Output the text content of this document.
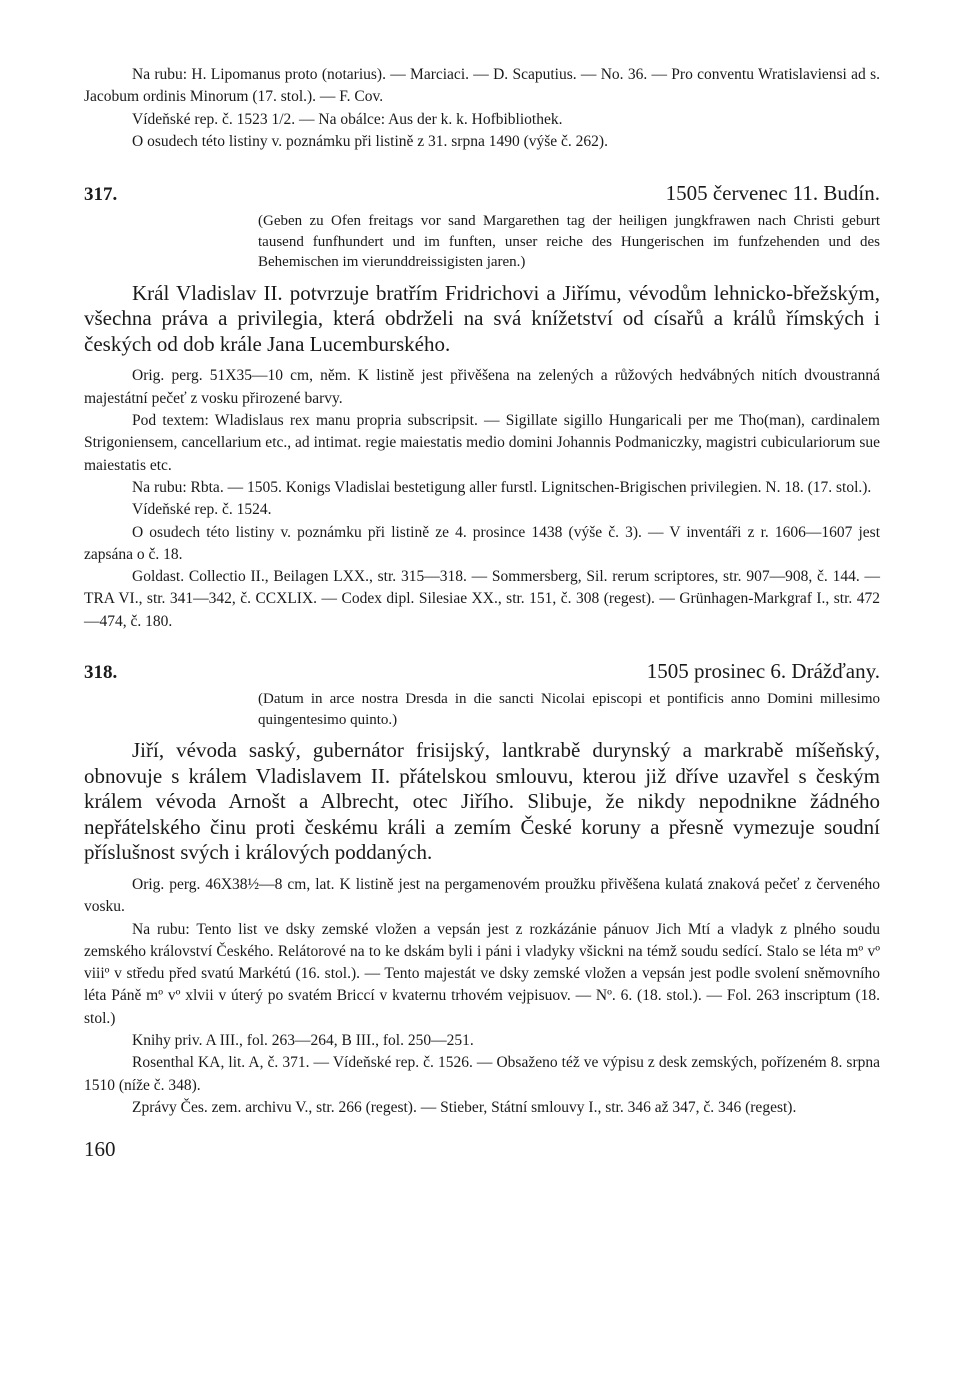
Na rubu: H. Lipomanus proto (notarius). — Marciaci. — D. Scaputius. — No. 36. — Pro conventu Wratislaviensi ad s. Jacobum ordinis Minorum (17. stol.). — F. Cov.

Vídeňské rep. č. 1523 1/2. — Na obálce: Aus der k. k. Hofbibliothek.

O osudech této listiny v. poznámku při listině z 31. srpna 1490 (výše č. 262).

317.	1505 červenec 11. Budín.

(Geben zu Ofen freitags vor sand Margarethen tag der heiligen jungkfrawen nach Christi geburt tausend funfhundert und im funften, unser reiche des Hungerischen im funfzehenden und des Behemischen im vierunddreissigisten jaren.)

Král Vladislav II. potvrzuje bratřím Fridrichovi a Jiřímu, vévodům lehnicko-břežským, všechna práva a privilegia, která obdrželi na svá knížetství od císařů a králů římských i českých od dob krále Jana Lucemburského.

Orig. perg. 51X35—10 cm, něm. K listině jest přivěšena na zelených a růžových hedvábných nitích dvoustranná majestátní pečeť z vosku přirozené barvy.

Pod textem: Wladislaus rex manu propria subscripsit. — Sigillate sigillo Hungaricali per me Tho(man), cardinalem Strigoniensem, cancellarium etc., ad intimat. regie maiestatis medio domini Johannis Podmaniczky, magistri cubiculariorum sue maiestatis etc.

Na rubu: Rbta. — 1505. Konigs Vladislai bestetigung aller furstl. Lignitschen-Brigischen privilegien. N. 18. (17. stol.).

Vídeňské rep. č. 1524.

O osudech této listiny v. poznámku při listině ze 4. prosince 1438 (výše č. 3). — V inventáři z r. 1606—1607 jest zapsána o č. 18.

Goldast. Collectio II., Beilagen LXX., str. 315—318. — Sommersberg, Sil. rerum scriptores, str. 907—908, č. 144. — TRA VI., str. 341—342, č. CCXLIX. — Codex dipl. Silesiae XX., str. 151, č. 308 (regest). — Grünhagen-Markgraf I., str. 472—474, č. 180.

318.	1505 prosinec 6. Drážďany.

(Datum in arce nostra Dresda in die sancti Nicolai episcopi et pontificis anno Domini millesimo quingentesimo quinto.)

Jiří, vévoda saský, gubernátor frisijský, lantkrabě durynský a markrabě míšeňský, obnovuje s králem Vladislavem II. přátelskou smlouvu, kterou již dříve uzavřel s českým králem vévoda Arnošt a Albrecht, otec Jiřího. Slibuje, že nikdy nepodnikne žádného nepřátelského činu proti českému králi a zemím České koruny a přesně vymezuje soudní příslušnost svých i králových poddaných.

Orig. perg. 46X38½—8 cm, lat. K listině jest na pergamenovém proužku přivěšena kulatá znaková pečeť z červeného vosku.

Na rubu: Tento list ve dsky zemské vložen a vepsán jest z rozkázánie pánuov Jich Mtí a vladyk z plného soudu zemského království Českého. Relátorové na to ke dskám byli i páni i vladyky všickni na témž soudu sedící. Stalo se léta mº vº viiiº v středu před svatú Markétú (16. stol.). — Tento majestát ve dsky zemské vložen a vepsán jest podle svolení sněmovního léta Páně mº vº xlvii v úterý po svatém Briccí v kvaternu trhovém vejpisuov. — Nº. 6. (18. stol.). — Fol. 263 inscriptum (18. stol.)

Knihy priv. A III., fol. 263—264, B III., fol. 250—251.

Rosenthal KA, lit. A, č. 371. — Vídeňské rep. č. 1526. — Obsaženo též ve výpisu z desk zemských, pořízeném 8. srpna 1510 (níže č. 348).

Zprávy Čes. zem. archivu V., str. 266 (regest). — Stieber, Státní smlouvy I., str. 346 až 347, č. 346 (regest).

160
